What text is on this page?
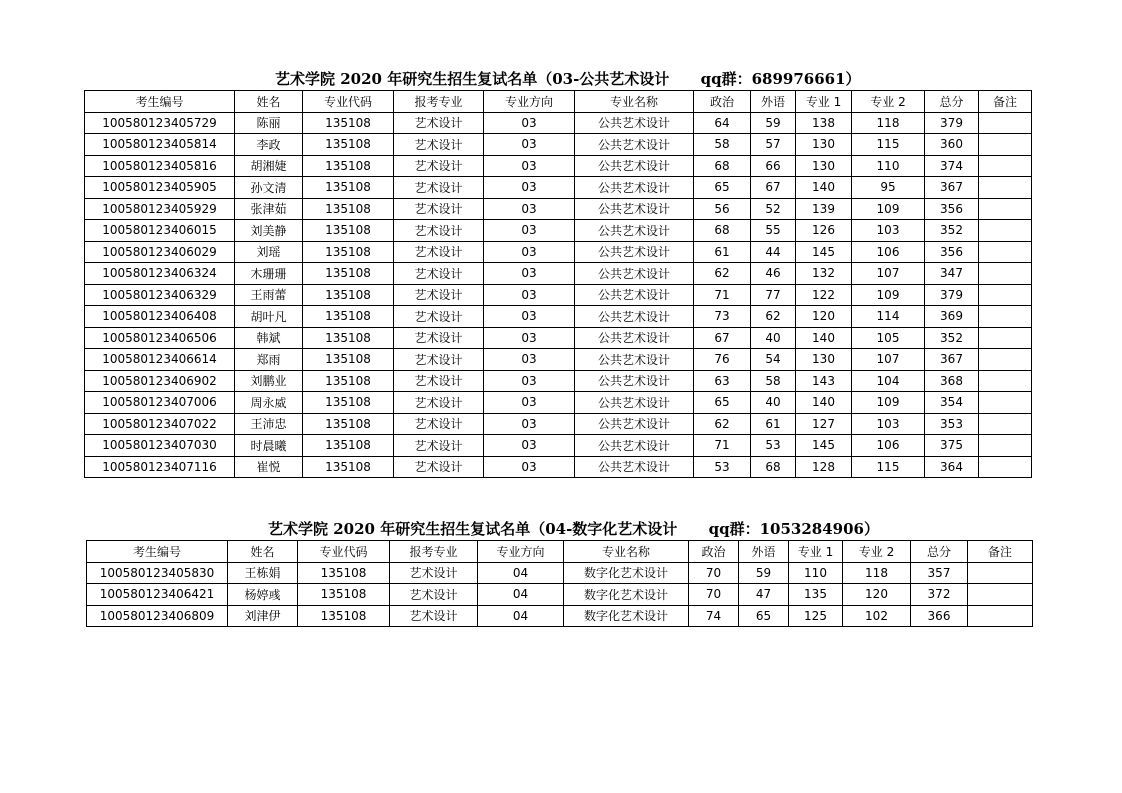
艺术学院 2020 年研究生招生复试名单（03-公共艺术设计      qq群：689976661）
考生编号	姓名	专业代码	报考专业	专业方向	专业名称	政治	外语	专业 1	专业 2	总分	备注
100580123405729	陈丽	135108	艺术设计	03	公共艺术设计	64	59	138	118	379	
100580123405814	李政	135108	艺术设计	03	公共艺术设计	58	57	130	115	360	
100580123405816	胡湘婕	135108	艺术设计	03	公共艺术设计	68	66	130	110	374	
100580123405905	孙文清	135108	艺术设计	03	公共艺术设计	65	67	140	95	367	
100580123405929	张津茹	135108	艺术设计	03	公共艺术设计	56	52	139	109	356	
100580123406015	刘美静	135108	艺术设计	03	公共艺术设计	68	55	126	103	352	
100580123406029	刘瑶	135108	艺术设计	03	公共艺术设计	61	44	145	106	356	
100580123406324	木珊珊	135108	艺术设计	03	公共艺术设计	62	46	132	107	347	
100580123406329	王雨蕾	135108	艺术设计	03	公共艺术设计	71	77	122	109	379	
100580123406408	胡叶凡	135108	艺术设计	03	公共艺术设计	73	62	120	114	369	
100580123406506	韩斌	135108	艺术设计	03	公共艺术设计	67	40	140	105	352	
100580123406614	郑雨	135108	艺术设计	03	公共艺术设计	76	54	130	107	367	
100580123406902	刘鹏业	135108	艺术设计	03	公共艺术设计	63	58	143	104	368	
100580123407006	周永威	135108	艺术设计	03	公共艺术设计	65	40	140	109	354	
100580123407022	王沛忠	135108	艺术设计	03	公共艺术设计	62	61	127	103	353	
100580123407030	时晨曦	135108	艺术设计	03	公共艺术设计	71	53	145	106	375	
100580123407116	崔悦	135108	艺术设计	03	公共艺术设计	53	68	128	115	364	
艺术学院 2020 年研究生招生复试名单（04-数字化艺术设计      qq群：1053284906）
考生编号	姓名	专业代码	报考专业	专业方向	专业名称	政治	外语	专业 1	专业 2	总分	备注
100580123405830	王栋娟	135108	艺术设计	04	数字化艺术设计	70	59	110	118	357	
100580123406421	杨婷彧	135108	艺术设计	04	数字化艺术设计	70	47	135	120	372	
100580123406809	刘津伊	135108	艺术设计	04	数字化艺术设计	74	65	125	102	366	
